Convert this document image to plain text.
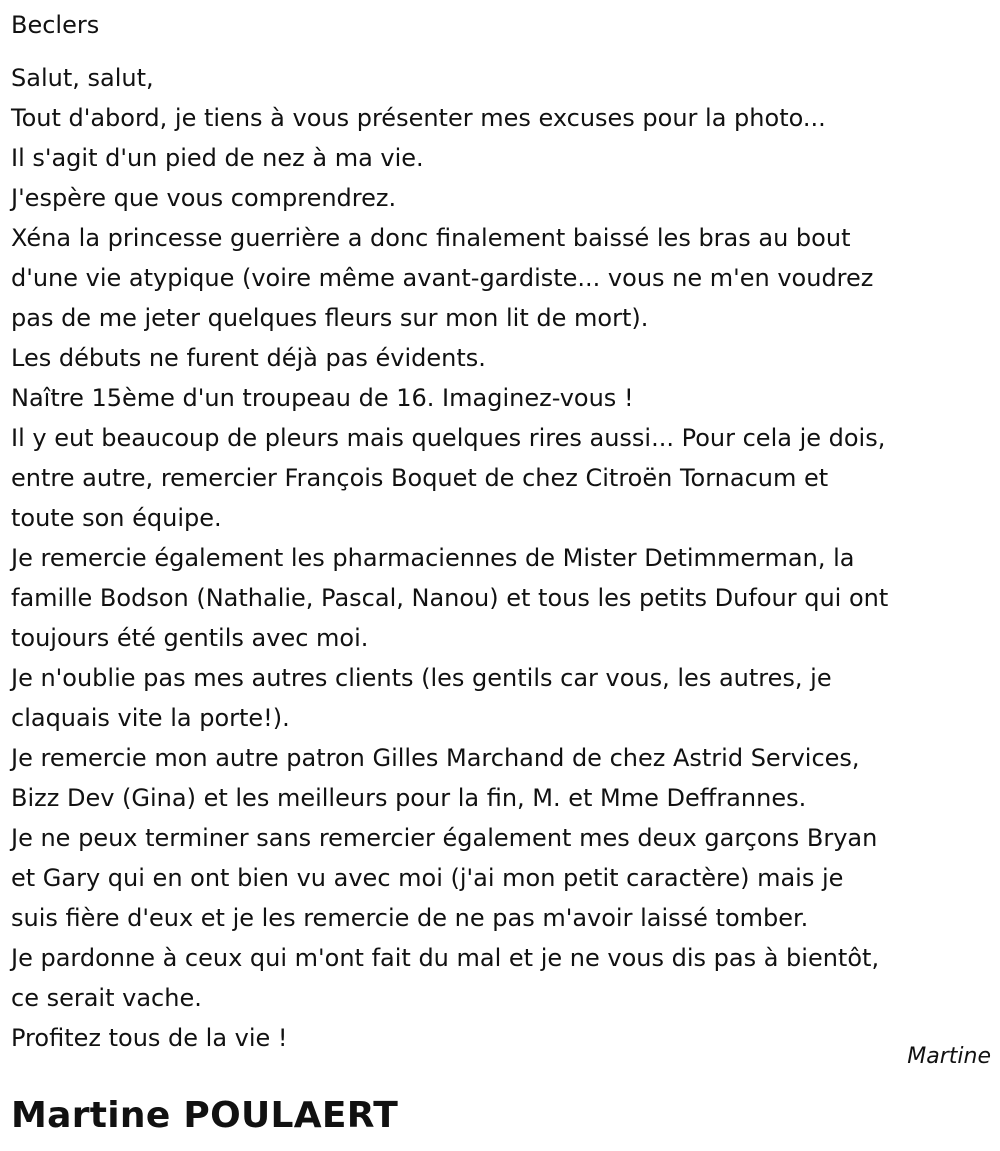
Beclers
Salut, salut,
Tout d'abord, je tiens à vous présenter mes excuses pour la photo...
Il s'agit d'un pied de nez à ma vie.
J'espère que vous comprendrez.
Xéna la princesse guerrière a donc finalement baissé les bras au bout
d'une vie atypique (voire même avant-gardiste... vous ne m'en voudrez
pas de me jeter quelques fleurs sur mon lit de mort).
Les débuts ne furent déjà pas évidents.
Naître 15ème d'un troupeau de 16. Imaginez-vous !
Il y eut beaucoup de pleurs mais quelques rires aussi... Pour cela je dois,
entre autre, remercier François Boquet de chez Citroën Tornacum et
toute son équipe.
Je remercie également les pharmaciennes de Mister Detimmerman, la
famille Bodson (Nathalie, Pascal, Nanou) et tous les petits Dufour qui ont
toujours été gentils avec moi.
Je n'oublie pas mes autres clients (les gentils car vous, les autres, je
claquais vite la porte!).
Je remercie mon autre patron Gilles Marchand de chez Astrid Services,
Bizz Dev (Gina) et les meilleurs pour la fin, M. et Mme Deffrannes.
Je ne peux terminer sans remercier également mes deux garçons Bryan
et Gary qui en ont bien vu avec moi (j'ai mon petit caractère) mais je
suis fière d'eux et je les remercie de ne pas m'avoir laissé tomber.
Je pardonne à ceux qui m'ont fait du mal et je ne vous dis pas à bientôt,
ce serait vache.
Profitez tous de la vie !
Martine
Martine POULAERT
